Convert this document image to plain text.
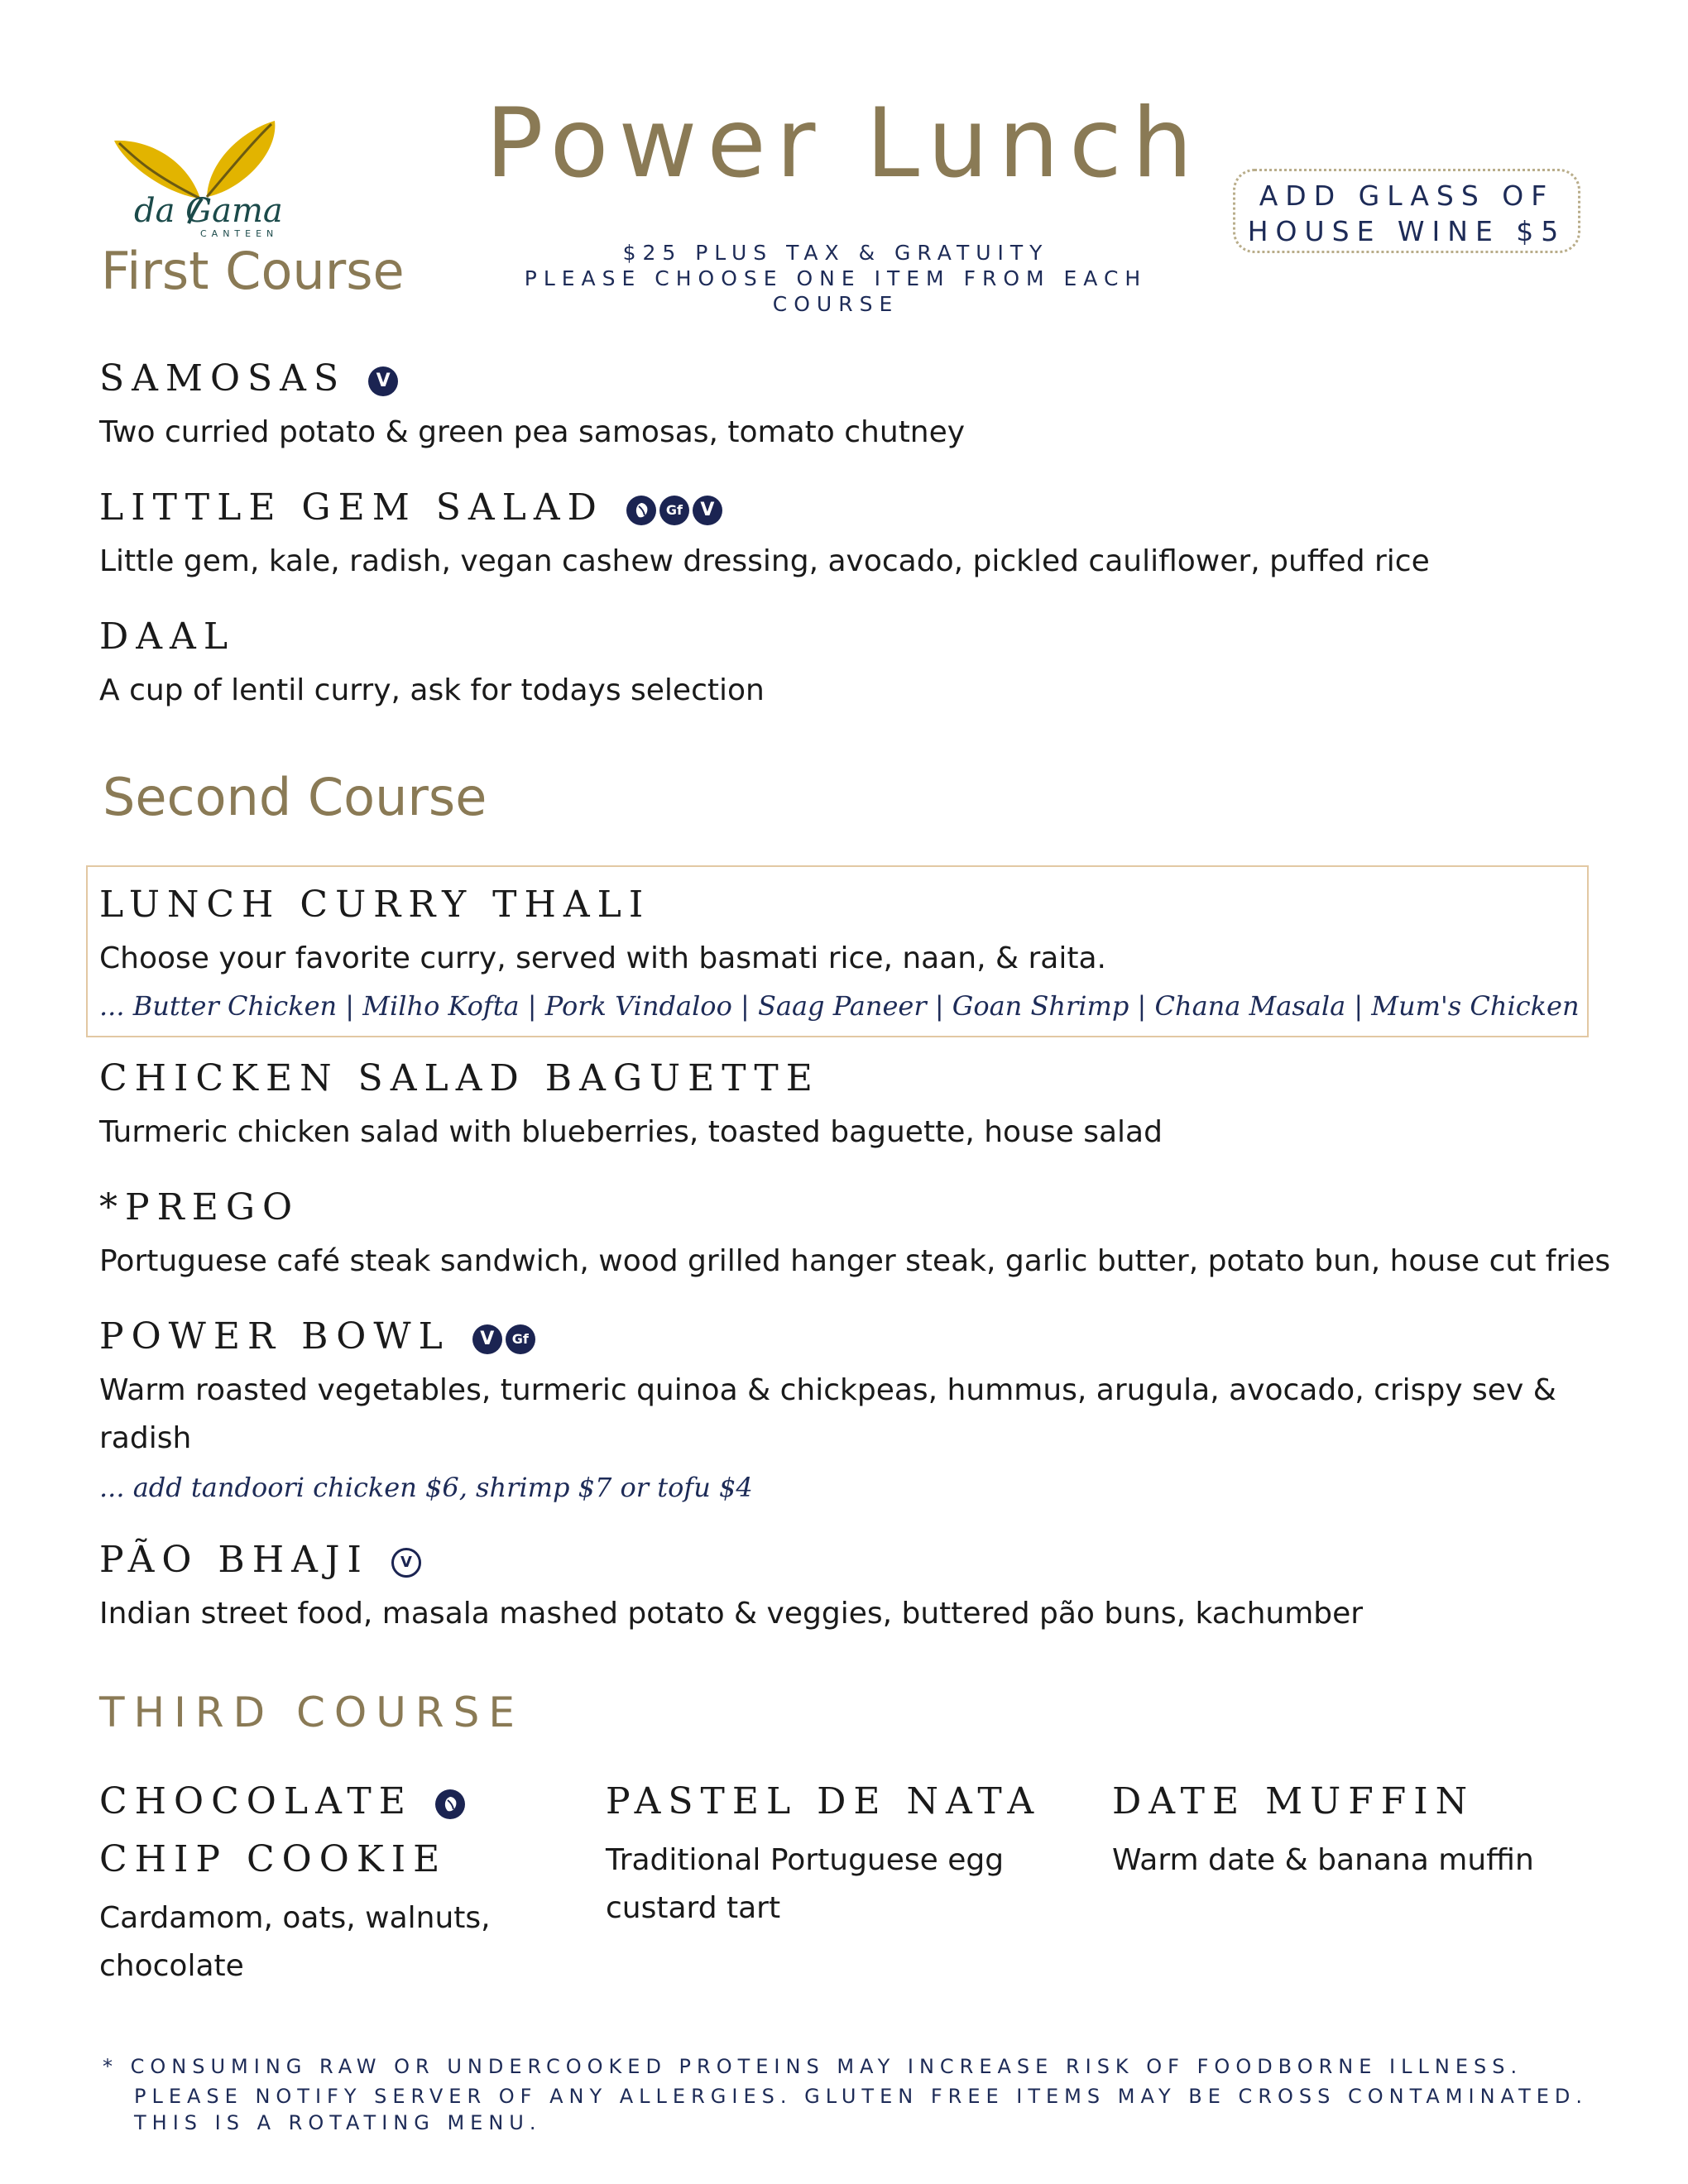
da Gama
CANTEEN
Power Lunch
$25 PLUS TAX & GRATUITY
PLEASE CHOOSE ONE ITEM FROM EACH COURSE
ADD GLASS OF
HOUSE WINE $5
First Course
SAMOSAS V
Two curried potato & green pea samosas, tomato chutney
LITTLE GEM SALAD	Gf V
Little gem, kale, radish, vegan cashew dressing, avocado, pickled cauliflower, puffed rice
DAAL
A cup of lentil curry, ask for todays selection
Second Course
LUNCH CURRY THALI
Choose your favorite curry, served with basmati rice, naan, & raita.
... Butter Chicken | Milho Kofta | Pork Vindaloo | Saag Paneer | Goan Shrimp | Chana Masala | Mum's Chicken
CHICKEN SALAD BAGUETTE
Turmeric chicken salad with blueberries, toasted baguette, house salad
*PREGO
Portuguese café steak sandwich, wood grilled hanger steak, garlic butter, potato bun, house cut fries
POWER BOWL V Gf
Warm roasted vegetables, turmeric quinoa & chickpeas, hummus, arugula, avocado, crispy sev &
radish
... add tandoori chicken $6, shrimp $7 or tofu $4
PÃO BHAJI V
Indian street food, masala mashed potato & veggies, buttered pão buns, kachumber
THIRD COURSE
CHOCOLATE
CHIP COOKIE
Cardamom, oats, walnuts,
chocolate
PASTEL DE NATA
Traditional Portuguese egg
custard tart
DATE MUFFIN
Warm date & banana muffin
* CONSUMING RAW OR UNDERCOOKED PROTEINS MAY INCREASE RISK OF FOODBORNE ILLNESS.
PLEASE NOTIFY SERVER OF ANY ALLERGIES. GLUTEN FREE ITEMS MAY BE CROSS CONTAMINATED.
THIS IS A ROTATING MENU.
